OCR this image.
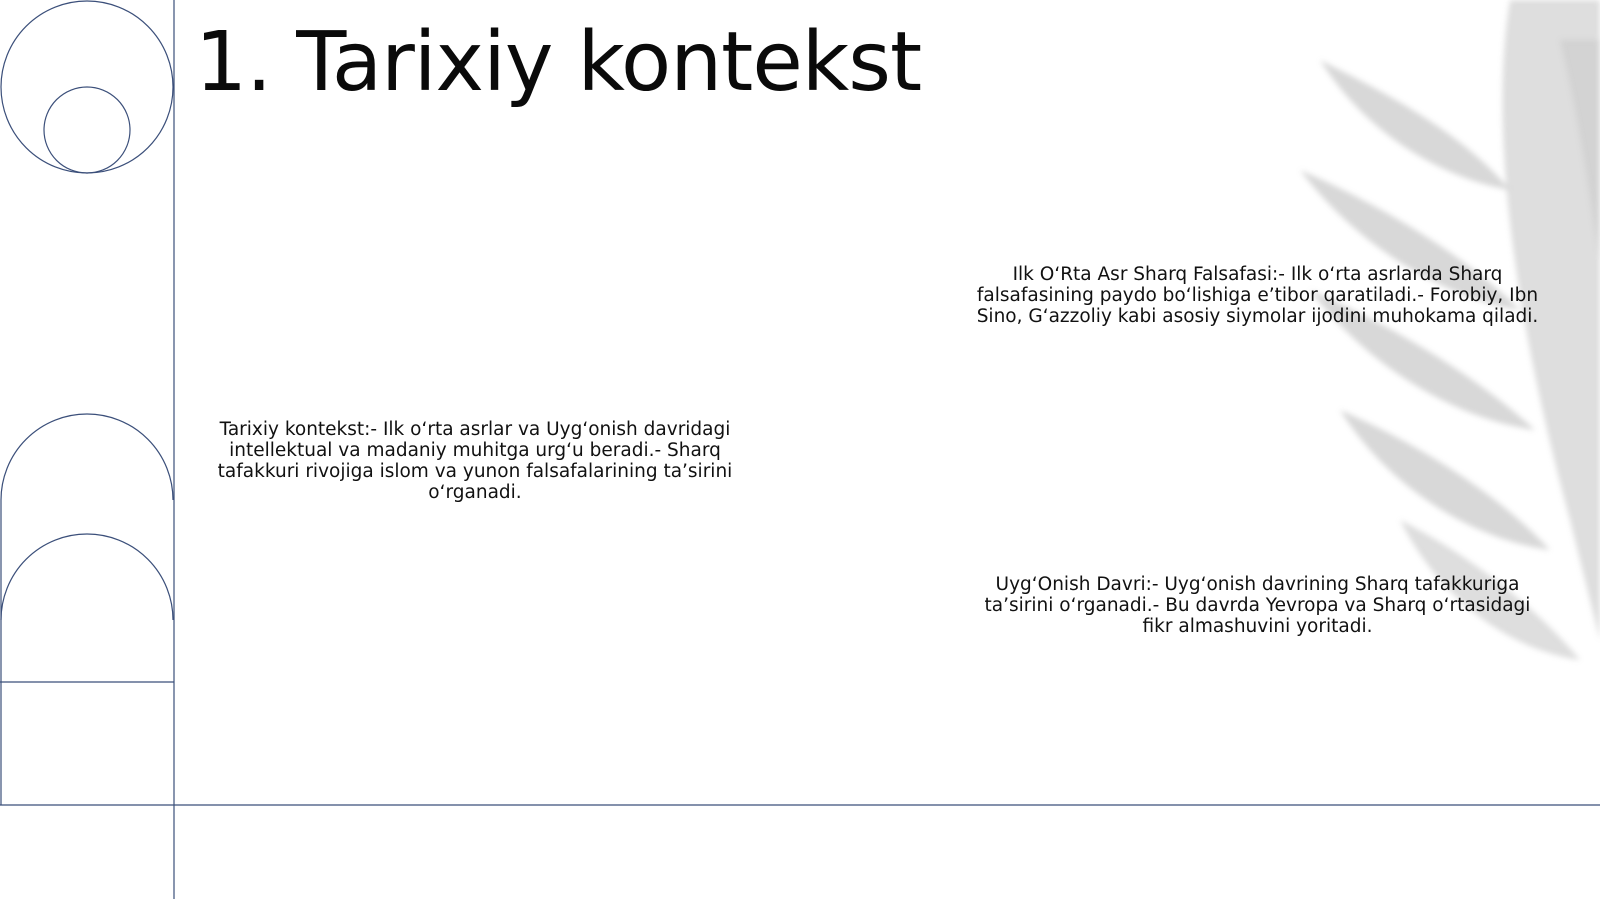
1. Tarixiy kontekst
Tarixiy kontekst:- Ilk o‘rta asrlar va Uyg‘onish davridagi intellektual va madaniy muhitga urg‘u beradi.- Sharq tafakkuri rivojiga islom va yunon falsafalarining ta’sirini o‘rganadi.
Ilk O‘Rta Asr Sharq Falsafasi:- Ilk o‘rta asrlarda Sharq falsafasining paydo bo‘lishiga e’tibor qaratiladi.- Forobiy, Ibn Sino, G‘azzoliy kabi asosiy siymolar ijodini muhokama qiladi.
Uyg‘Onish Davri:- Uyg‘onish davrining Sharq tafakkuriga ta’sirini o‘rganadi.- Bu davrda Yevropa va Sharq o‘rtasidagi fikr almashuvini yoritadi.
